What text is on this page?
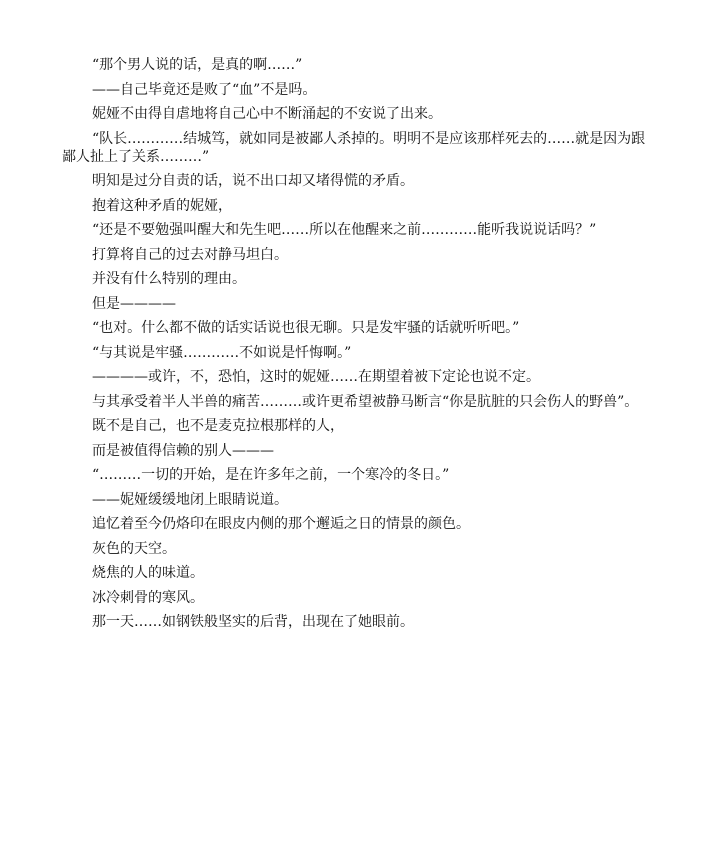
“那个男人说的话，是真的啊……”

——自己毕竟还是败了“血”不是吗。

妮娅不由得自虐地将自己心中不断涌起的不安说了出来。

“队长…………结城笃，就如同是被鄙人杀掉的。明明不是应该那样死去的……就是因为跟鄙人扯上了关系………”

明知是过分自责的话，说不出口却又堵得慌的矛盾。

抱着这种矛盾的妮娅，

“还是不要勉强叫醒大和先生吧……所以在他醒来之前…………能听我说说话吗？”

打算将自己的过去对静马坦白。

并没有什么特别的理由。

但是————

“也对。什么都不做的话实话说也很无聊。只是发牢骚的话就听听吧。”

“与其说是牢骚…………不如说是忏悔啊。”

————或许，不，恐怕，这时的妮娅……在期望着被下定论也说不定。

与其承受着半人半兽的痛苦………或许更希望被静马断言“你是肮脏的只会伤人的野兽”。

既不是自己，也不是麦克拉根那样的人，

而是被值得信赖的别人———

“………一切的开始，是在许多年之前，一个寒冷的冬日。”

——妮娅缓缓地闭上眼睛说道。

追忆着至今仍烙印在眼皮内侧的那个邂逅之日的情景的颜色。

灰色的天空。

烧焦的人的味道。

冰冷刺骨的寒风。

那一天……如钢铁般坚实的后背，出现在了她眼前。
